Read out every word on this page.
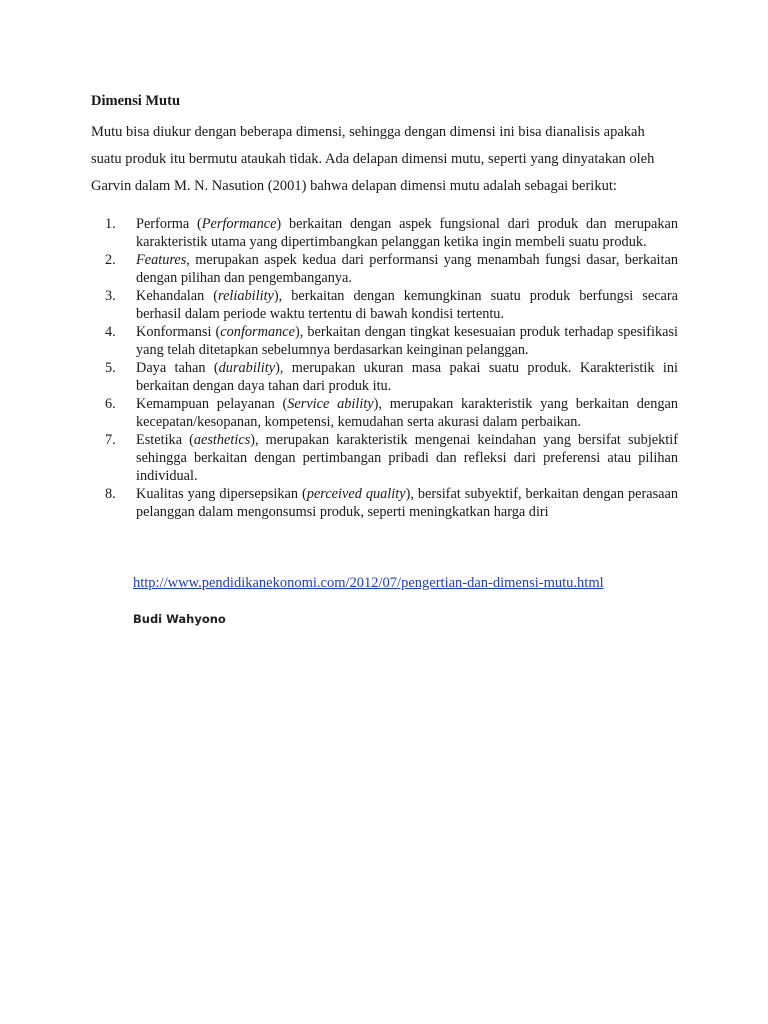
Dimensi Mutu

Mutu bisa diukur dengan beberapa dimensi, sehingga dengan dimensi ini bisa dianalisis apakah
suatu produk itu bermutu ataukah tidak. Ada delapan dimensi mutu, seperti yang dinyatakan oleh
Garvin dalam M. N. Nasution (2001) bahwa delapan dimensi mutu adalah sebagai berikut:

1. Performa (Performance) berkaitan dengan aspek fungsional dari produk dan merupakan karakteristik utama yang dipertimbangkan pelanggan ketika ingin membeli suatu produk.
2. Features, merupakan aspek kedua dari performansi yang menambah fungsi dasar, berkaitan dengan pilihan dan pengembanganya.
3. Kehandalan (reliability), berkaitan dengan kemungkinan suatu produk berfungsi secara berhasil dalam periode waktu tertentu di bawah kondisi tertentu.
4. Konformansi (conformance), berkaitan dengan tingkat kesesuaian produk terhadap spesifikasi yang telah ditetapkan sebelumnya berdasarkan keinginan pelanggan.
5. Daya tahan (durability), merupakan ukuran masa pakai suatu produk. Karakteristik ini berkaitan dengan daya tahan dari produk itu.
6. Kemampuan pelayanan (Service ability), merupakan karakteristik yang berkaitan dengan kecepatan/kesopanan, kompetensi, kemudahan serta akurasi dalam perbaikan.
7. Estetika (aesthetics), merupakan karakteristik mengenai keindahan yang bersifat subjektif sehingga berkaitan dengan pertimbangan pribadi dan refleksi dari preferensi atau pilihan individual.
8. Kualitas yang dipersepsikan (perceived quality), bersifat subyektif, berkaitan dengan perasaan pelanggan dalam mengonsumsi produk, seperti meningkatkan harga diri
http://www.pendidikanekonomi.com/2012/07/pengertian-dan-dimensi-mutu.html
Budi Wahyono
